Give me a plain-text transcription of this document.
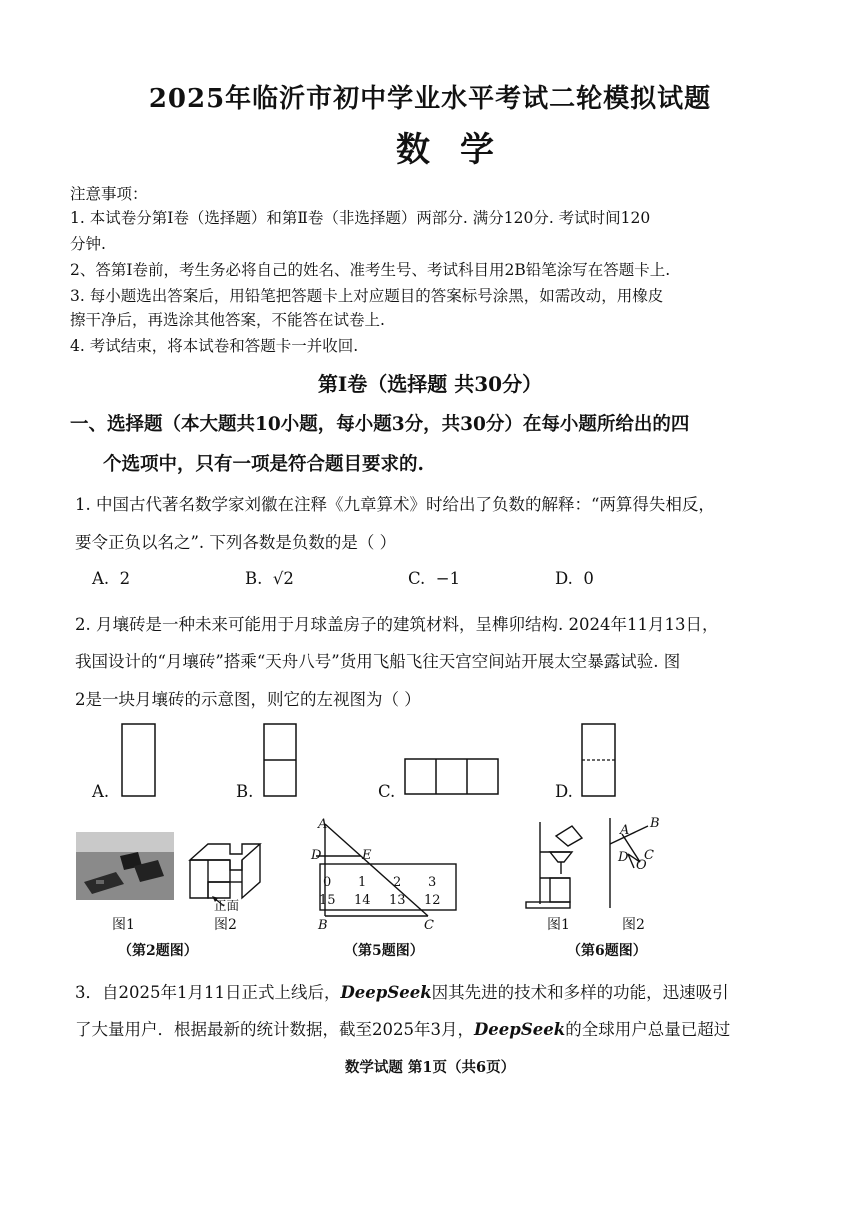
2025年临沂市初中学业水平考试二轮模拟试题
数学
注意事项：
1. 本试卷分第Ⅰ卷（选择题）和第Ⅱ卷（非选择题）两部分. 满分120分. 考试时间120
分钟.
2、答第Ⅰ卷前，考生务必将自己的姓名、准考生号、考试科目用2B铅笔涂写在答题卡上.
3. 每小题选出答案后，用铅笔把答题卡上对应题目的答案标号涂黑，如需改动，用橡皮
擦干净后，再选涂其他答案，不能答在试卷上.
4. 考试结束，将本试卷和答题卡一并收回.
第Ⅰ卷（选择题 共30分）
一、选择题（本大题共10小题，每小题3分，共30分）在每小题所给出的四
个选项中，只有一项是符合题目要求的.
1. 中国古代著名数学家刘徽在注释《九章算术》时给出了负数的解释：“两算得失相反，
要令正负以名之”. 下列各数是负数的是（ ）
A. 2	B. √2	C. −1	D. 0
2. 月壤砖是一种未来可能用于月球盖房子的建筑材料，呈榫卯结构. 2024年11月13日，
我国设计的“月壤砖”搭乘“天舟八号”货用飞船飞往天宫空间站开展太空暴露试验. 图
2是一块月壤砖的示意图，则它的左视图为（ ）
A.	B.	C.	D.
图1
正面
图2
（第2题图）
A
D	E
B	C
0 1 2 3
15 14 13 12
（第5题图）
图1
A B
D C
O
图2
（第6题图）
3．自2025年1月11日正式上线后，DeepSeek因其先进的技术和多样的功能，迅速吸引
了大量用户．根据最新的统计数据，截至2025年3月，DeepSeek的全球用户总量已超过
数学试题 第1页（共6页）
